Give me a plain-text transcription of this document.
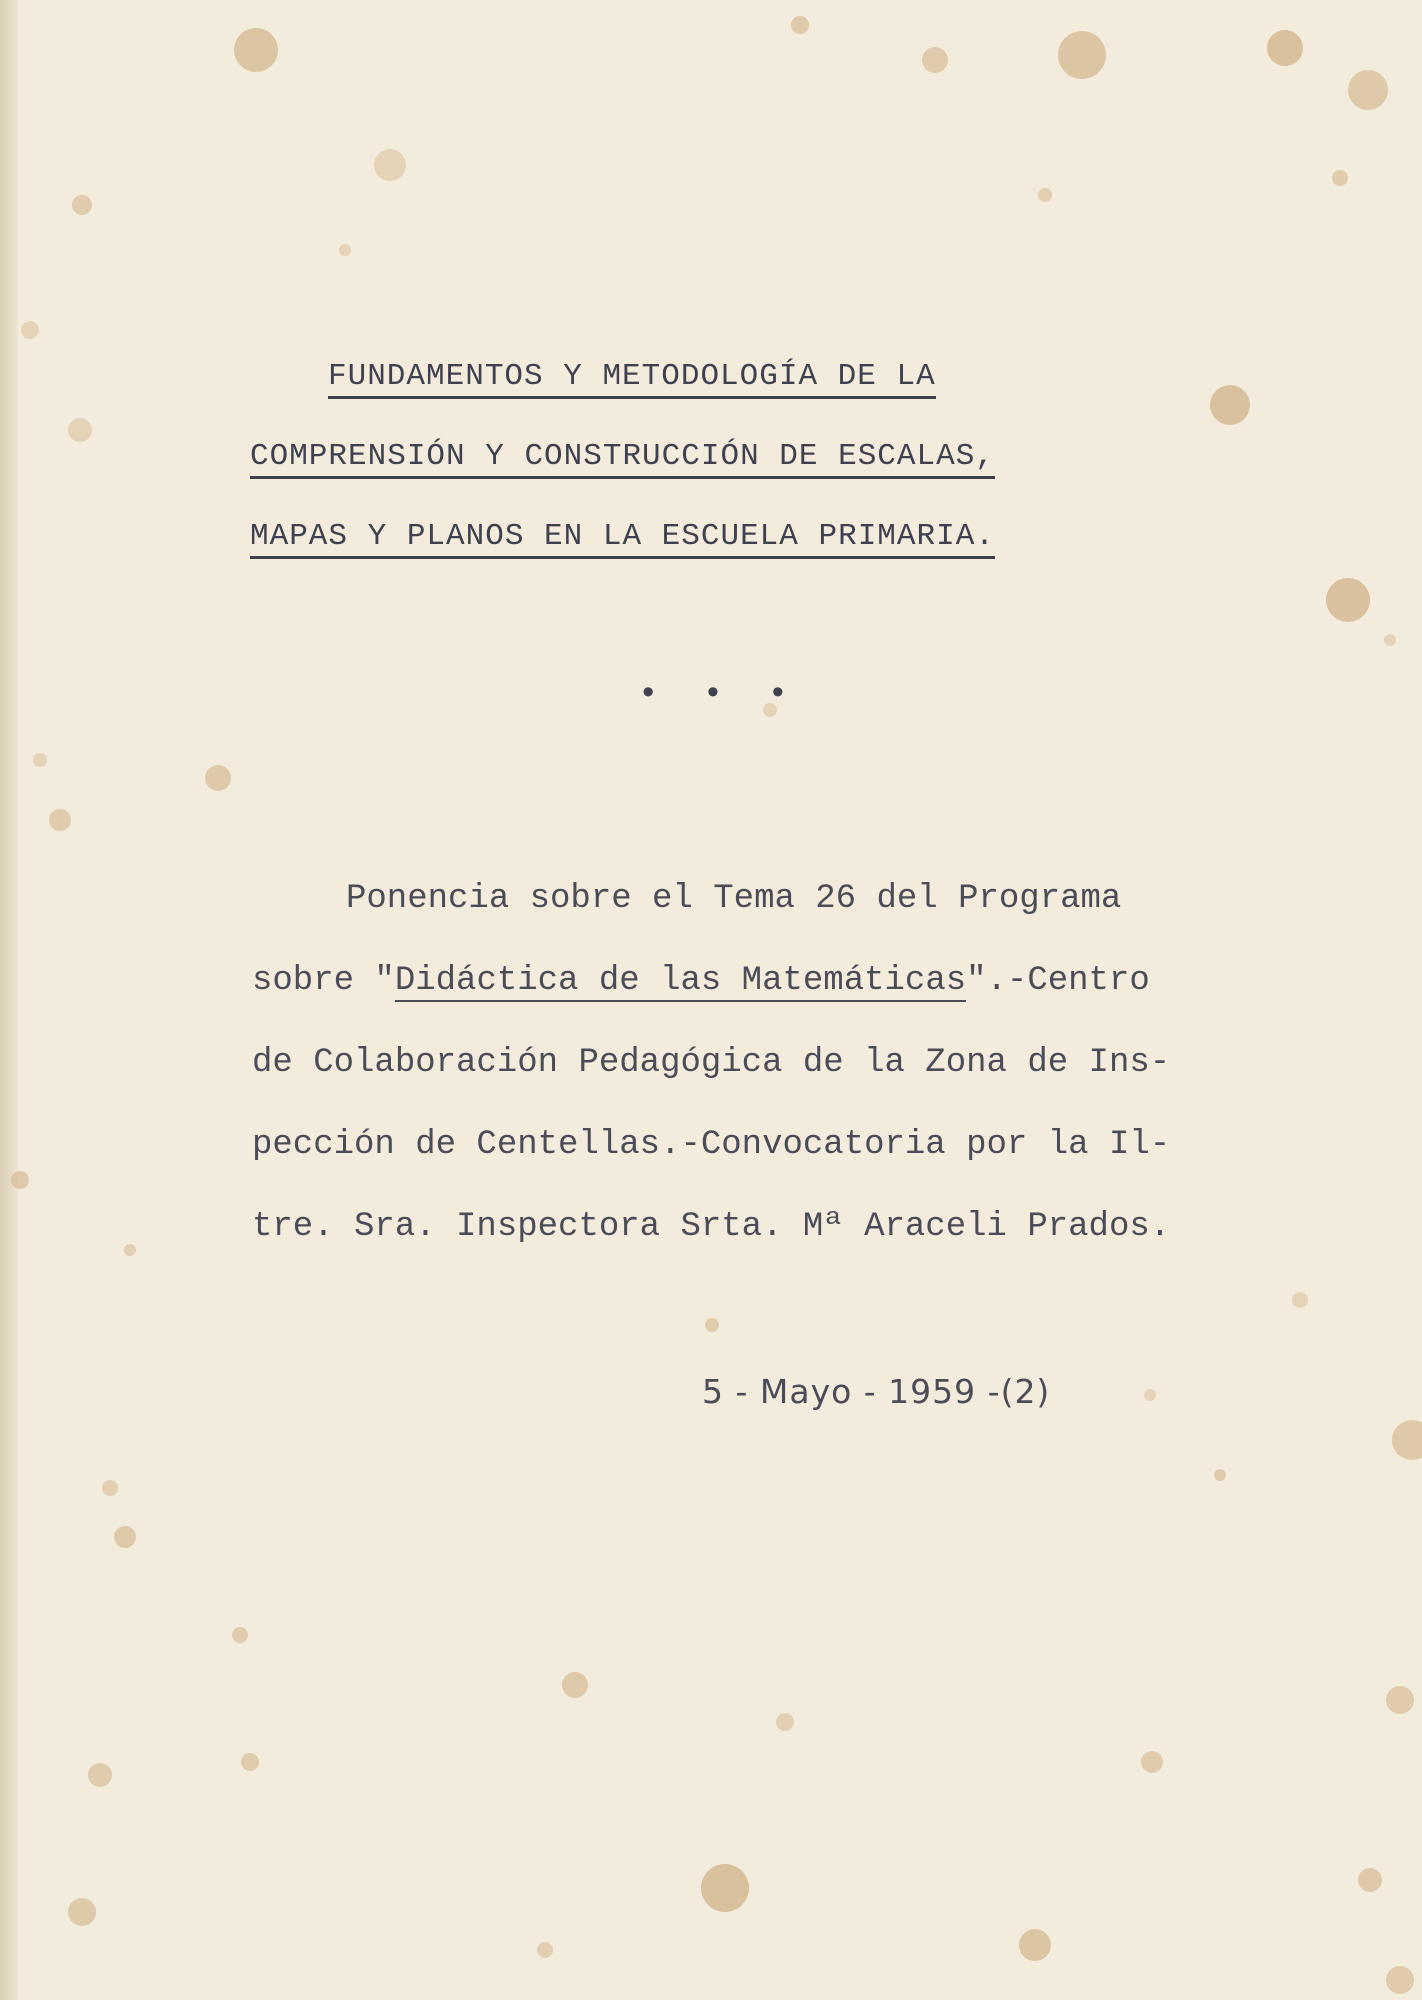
FUNDAMENTOS Y METODOLOGÍA DE LA
COMPRENSIÓN Y CONSTRUCCIÓN DE ESCALAS,
MAPAS Y PLANOS EN LA ESCUELA PRIMARIA.
• • •
Ponencia sobre el Tema 26 del Programa
sobre "Didáctica de las Matemáticas".-Centro
de Colaboración Pedagógica de la Zona de Ins-
pección de Centellas.-Convocatoria por la Il-
tre. Sra. Inspectora Srta. Mª Araceli Prados.
5 - Mayo - 1959 -(2)
